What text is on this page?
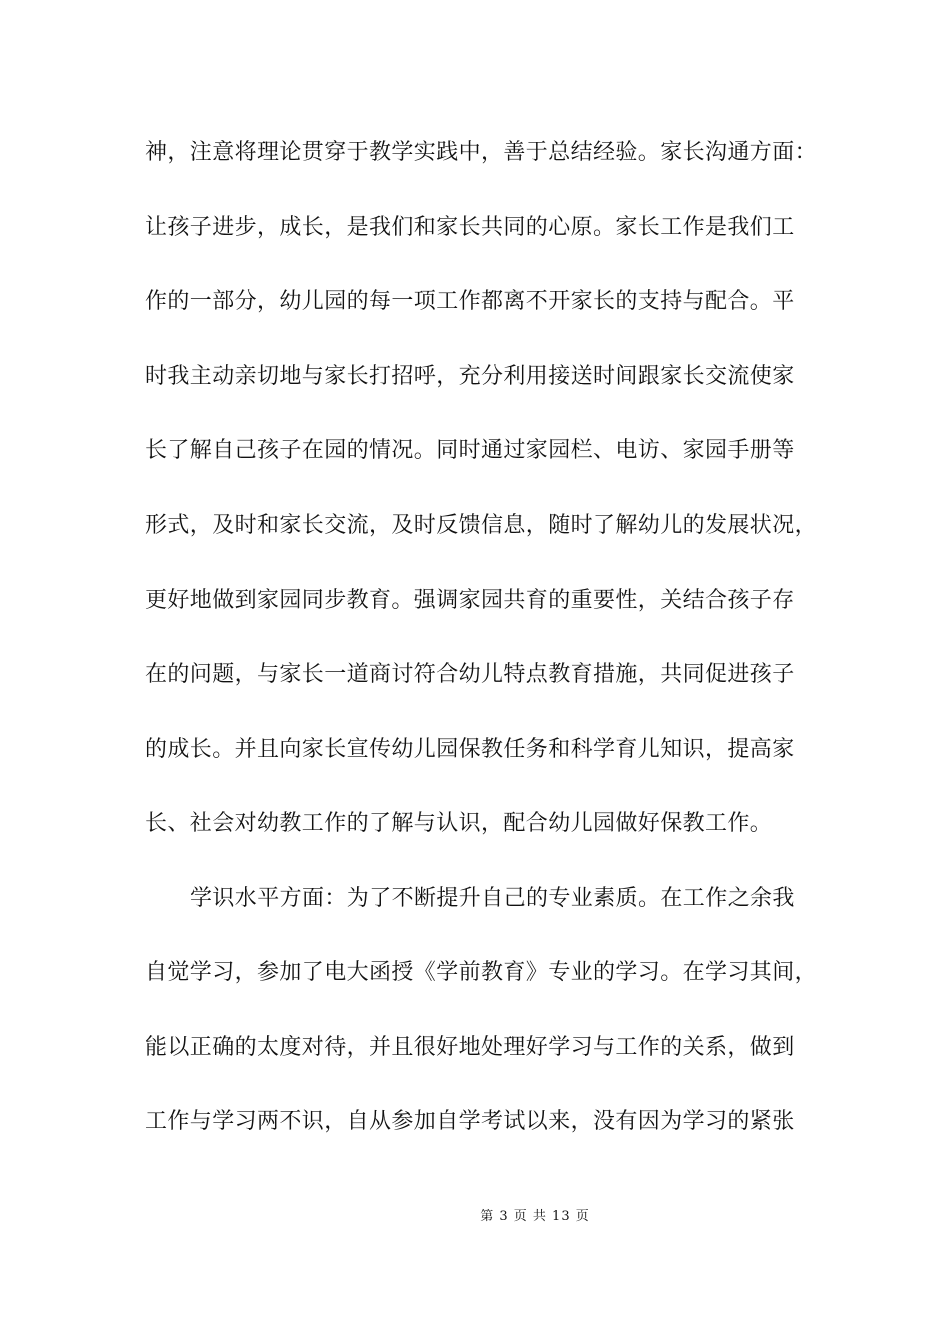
神，注意将理论贯穿于教学实践中，善于总结经验。家长沟通方面：
让孩子进步，成长，是我们和家长共同的心原。家长工作是我们工
作的一部分，幼儿园的每一项工作都离不开家长的支持与配合。平
时我主动亲切地与家长打招呼，充分利用接送时间跟家长交流使家
长了解自己孩子在园的情况。同时通过家园栏、电访、家园手册等
形式，及时和家长交流，及时反馈信息，随时了解幼儿的发展状况，
更好地做到家园同步教育。强调家园共育的重要性，关结合孩子存
在的问题，与家长一道商讨符合幼儿特点教育措施，共同促进孩子
的成长。并且向家长宣传幼儿园保教任务和科学育儿知识，提高家
长、社会对幼教工作的了解与认识，配合幼儿园做好保教工作。
学识水平方面：为了不断提升自己的专业素质。在工作之余我
自觉学习，参加了电大函授《学前教育》专业的学习。在学习其间，
能以正确的太度对待，并且很好地处理好学习与工作的关系，做到
工作与学习两不识，自从参加自学考试以来，没有因为学习的紧张
第 3 页 共 13 页
